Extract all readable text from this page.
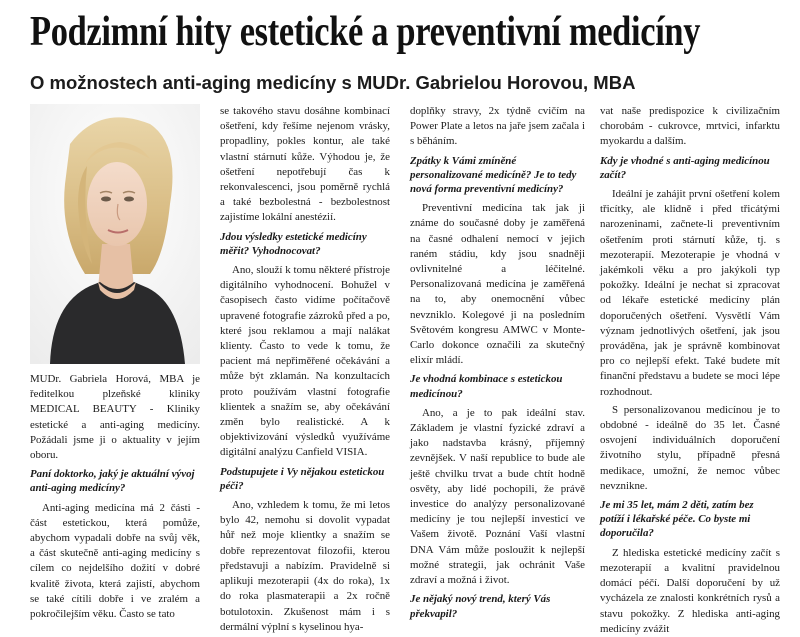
Podzimní hity estetické a preventivní medicíny
O možnostech anti-aging medicíny s MUDr. Gabrielou Horovou, MBA

MUDr. Gabriela Horová, MBA je ředitelkou plzeňské kliniky MEDICAL BEAUTY - Kliniky estetické a anti-aging medicíny. Požádali jsme ji o aktuality v jejím oboru.

Paní doktorko, jaký je aktuální vývoj anti-aging medicíny?

Anti-aging medicína má 2 části - část estetickou, která pomůže, abychom vypadali dobře na svůj věk, a část skutečně anti-aging medicíny s cílem co nejdelšího dožití v dobré kvalitě života, která zajistí, abychom se také cítili dobře i ve zralém a pokročilejším věku. Často se tato

se takového stavu dosáhne kombinací ošetření, kdy řešíme nejenom vrásky, propadliny, pokles kontur, ale také vlastní stárnutí kůže. Výhodou je, že ošetření nepotřebují čas k rekonvalescenci, jsou poměrně rychlá a také bezbolestná - bezbolestnost zajistíme lokální anestézií.

Jdou výsledky estetické medicíny měřit? Vyhodnocovat?

Ano, slouží k tomu některé přístroje digitálního vyhodnocení. Bohužel v časopisech často vidíme počítačově upravené fotografie zázroků před a po, které jsou reklamou a mají nalákat klienty. Často to vede k tomu, že pacient má nepřiměřené očekávání a může být zklamán. Na konzultacích proto používám vlastní fotografie klientek a snažím se, aby očekávání změn bylo realistické. A k objektivizování výsledků využíváme digitální analýzu Canfield VISIA.

Podstupujete i Vy nějakou estetickou péči?

Ano, vzhledem k tomu, že mi letos bylo 42, nemohu si dovolit vypadat hůř než moje klientky a snažím se dobře reprezentovat filozofii, kterou představuji a nabízím. Pravidelně si aplikuji mezoterapii (4x do roka), 1x do roka plasmaterapii a 2x ročně botulotoxin. Zkušenost mám i s dermální výplní s kyselinou hya-

doplňky stravy, 2x týdně cvičím na Power Plate a letos na jaře jsem začala i s běháním.

Zpátky k Vámi zmíněné personalizované medicíně? Je to tedy nová forma preventivní medicíny?

Preventivní medicína tak jak ji známe do současné doby je zaměřená na časné odhalení nemocí v jejich raném stádiu, kdy jsou snadněji ovlivnitelné a léčitelné. Personalizovaná medicína je zaměřená na to, aby onemocnění vůbec nevzniklo. Kolegové ji na posledním Světovém kongresu AMWC v Monte-Carlo dokonce označili za skutečný elixír mládí.

Je vhodná kombinace s estetickou medicínou?

Ano, a je to pak ideální stav. Základem je vlastní fyzické zdraví a jako nadstavba krásný, příjemný zevnějšek. V naší republice to bude ale ještě chvilku trvat a bude chtít hodně osvěty, aby lidé pochopili, že právě investice do analýzy personalizované medicíny je tou nejlepší investicí ve Vašem životě. Poznání Vaší vlastní DNA Vám může posloužit k nejlepší možné strategii, jak ochránit Vaše zdraví a možná i život.

Je nějaký nový trend, který Vás překvapil?

vat naše predispozice k civilizačním chorobám - cukrovce, mrtvici, infarktu myokardu a dalším.

Kdy je vhodné s anti-aging medicínou začít?

Ideální je zahájit první ošetření kolem třicítky, ale klidně i před třicátými narozeninami, začnete-li preventivním ošetřením proti stárnutí kůže, tj. s mezoterapií. Mezoterapie je vhodná v jakémkoli věku a pro jakýkoli typ pokožky. Ideální je nechat si zpracovat od lékaře estetické medicíny plán doporučených ošetření. Vysvětlí Vám význam jednotlivých ošetření, jak jsou prováděna, jak je správně kombinovat pro co nejlepší efekt. Také budete mít finanční představu a budete se moci lépe rozhodnout.

S personalizovanou medicínou je to obdobné - ideálně do 35 let. Časné osvojení individuálních doporučení životního stylu, případně přesná medikace, umožní, že nemoc vůbec nevznikne.

Je mi 35 let, mám 2 děti, zatím bez potíží i lékařské péče. Co byste mi doporučila?

Z hlediska estetické medicíny začít s mezoterapií a kvalitní pravidelnou domácí péčí. Další doporučení by už vycházela ze znalosti konkrétních rysů a stavu pokožky. Z hlediska anti-aging medicíny zvážit
